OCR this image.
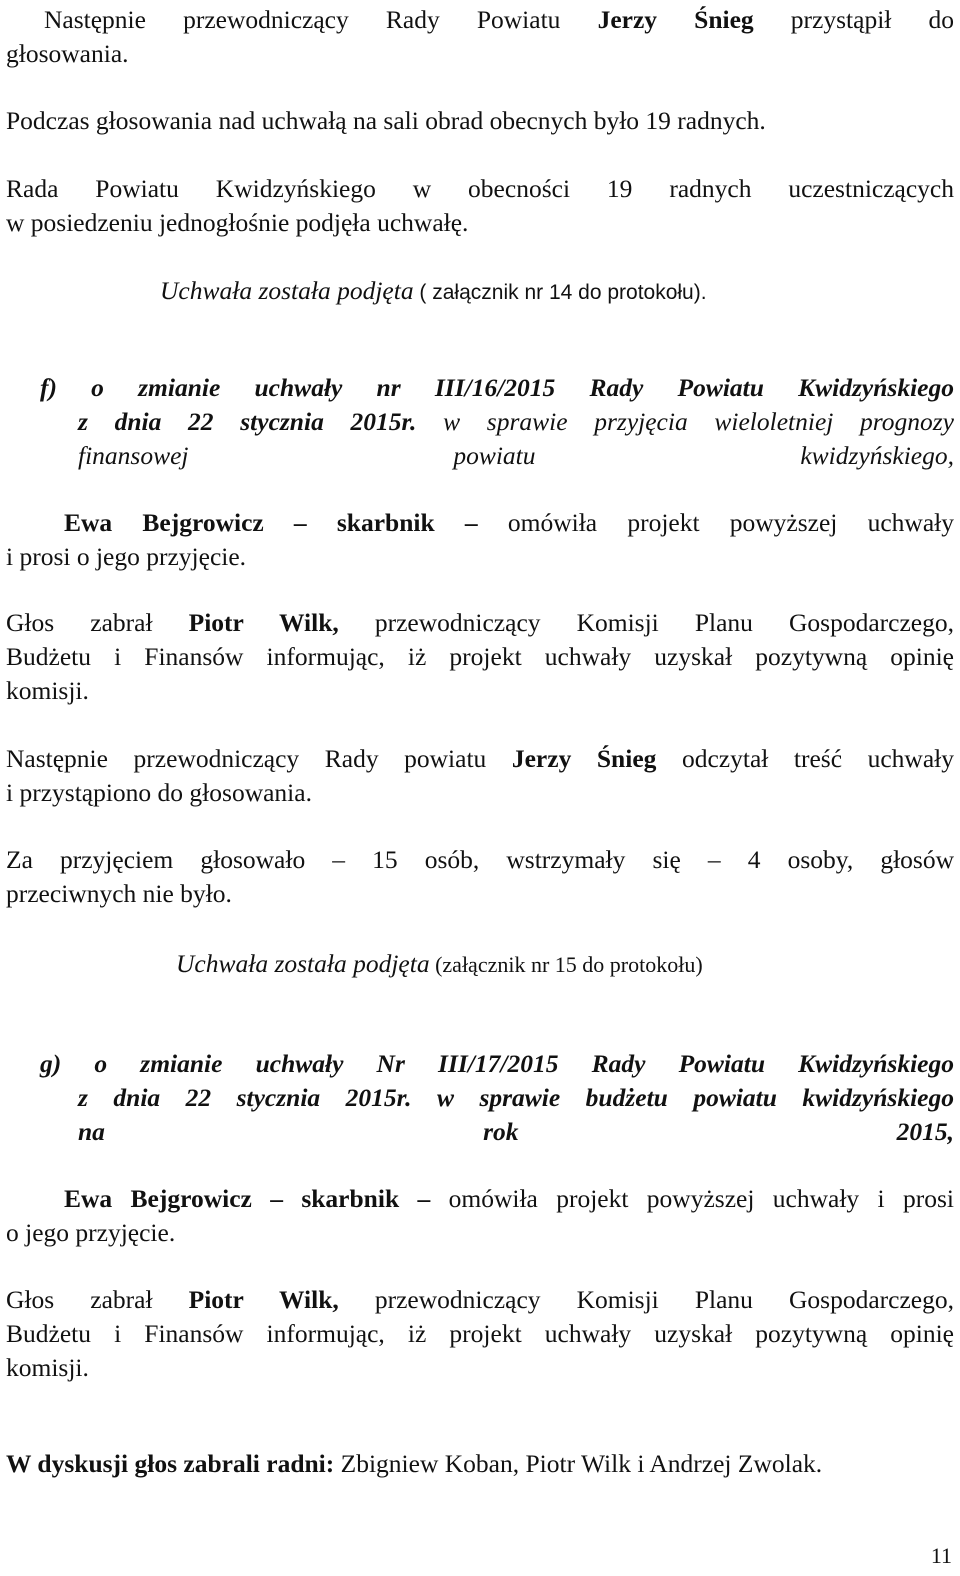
Następnie przewodniczący Rady Powiatu Jerzy Śnieg przystąpił do
głosowania.
Podczas głosowania nad uchwałą na sali obrad obecnych było 19 radnych.
Rada Powiatu Kwidzyńskiego w obecności 19 radnych uczestniczących
w posiedzeniu jednogłośnie podjęła uchwałę.
Uchwała została podjęta ( załącznik nr 14 do protokołu).
f) o zmianie uchwały nr III/16/2015 Rady Powiatu Kwidzyńskiego
z dnia 22 stycznia 2015r. w sprawie przyjęcia wieloletniej prognozy
finansowej powiatu kwidzyńskiego,
Ewa Bejgrowicz – skarbnik – omówiła projekt powyższej uchwały
i prosi o jego przyjęcie.
Głos zabrał Piotr Wilk, przewodniczący Komisji Planu Gospodarczego,
Budżetu i Finansów informując, iż projekt uchwały uzyskał pozytywną opinię
komisji.
Następnie przewodniczący Rady powiatu Jerzy Śnieg odczytał treść uchwały
i przystąpiono do głosowania.
Za przyjęciem głosowało – 15 osób, wstrzymały się – 4 osoby, głosów
przeciwnych nie było.
Uchwała została podjęta (załącznik nr 15 do protokołu)
g) o zmianie uchwały Nr III/17/2015 Rady Powiatu Kwidzyńskiego
z dnia 22 stycznia 2015r. w sprawie budżetu powiatu kwidzyńskiego
na rok 2015,
Ewa Bejgrowicz – skarbnik – omówiła projekt powyższej uchwały i prosi
o jego przyjęcie.
Głos zabrał Piotr Wilk, przewodniczący Komisji Planu Gospodarczego,
Budżetu i Finansów informując, iż projekt uchwały uzyskał pozytywną opinię
komisji.
W dyskusji głos zabrali radni: Zbigniew Koban, Piotr Wilk i Andrzej Zwolak.
11
